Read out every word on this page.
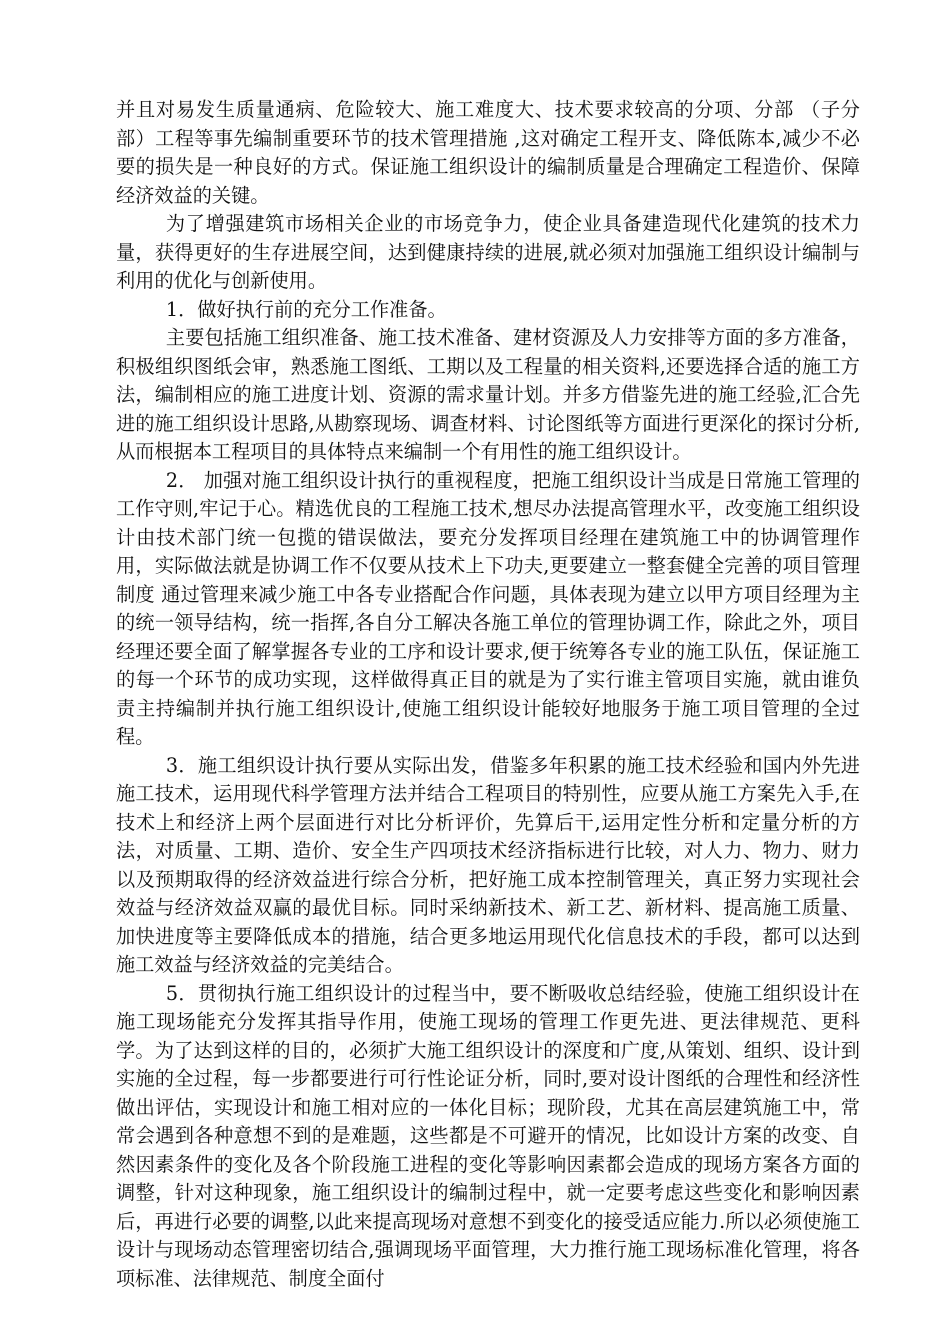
并且对易发生质量通病、危险较大、施工难度大、技术要求较高的分项、分部 （子分部）工程等事先编制重要环节的技术管理措施 ,这对确定工程开支、降低陈本,减少不必要的损失是一种良好的方式。保证施工组织设计的编制质量是合理确定工程造价、保障经济效益的关键。

为了增强建筑市场相关企业的市场竞争力，使企业具备建造现代化建筑的技术力量，获得更好的生存进展空间，达到健康持续的进展,就必须对加强施工组织设计编制与利用的优化与创新使用。

1．做好执行前的充分工作准备。

主要包括施工组织准备、施工技术准备、建材资源及人力安排等方面的多方准备，积极组织图纸会审，熟悉施工图纸、工期以及工程量的相关资料,还要选择合适的施工方法，编制相应的施工进度计划、资源的需求量计划。并多方借鉴先进的施工经验,汇合先进的施工组织设计思路,从勘察现场、调查材料、讨论图纸等方面进行更深化的探讨分析,从而根据本工程项目的具体特点来编制一个有用性的施工组织设计。

2． 加强对施工组织设计执行的重视程度，把施工组织设计当成是日常施工管理的工作守则,牢记于心。精选优良的工程施工技术,想尽办法提高管理水平，改变施工组织设计由技术部门统一包揽的错误做法，要充分发挥项目经理在建筑施工中的协调管理作用，实际做法就是协调工作不仅要从技术上下功夫,更要建立一整套健全完善的项目管理制度 通过管理来减少施工中各专业搭配合作问题，具体表现为建立以甲方项目经理为主的统一领导结构，统一指挥,各自分工解决各施工单位的管理协调工作，除此之外，项目经理还要全面了解掌握各专业的工序和设计要求,便于统筹各专业的施工队伍，保证施工的每一个环节的成功实现，这样做得真正目的就是为了实行谁主管项目实施，就由谁负责主持编制并执行施工组织设计,使施工组织设计能较好地服务于施工项目管理的全过程。

3．施工组织设计执行要从实际出发，借鉴多年积累的施工技术经验和国内外先进施工技术，运用现代科学管理方法并结合工程项目的特别性，应要从施工方案先入手,在技术上和经济上两个层面进行对比分析评价，先算后干,运用定性分析和定量分析的方法，对质量、工期、造价、安全生产四项技术经济指标进行比较，对人力、物力、财力以及预期取得的经济效益进行综合分析，把好施工成本控制管理关，真正努力实现社会效益与经济效益双赢的最优目标。同时采纳新技术、新工艺、新材料、提高施工质量、加快进度等主要降低成本的措施，结合更多地运用现代化信息技术的手段，都可以达到施工效益与经济效益的完美结合。

5．贯彻执行施工组织设计的过程当中，要不断吸收总结经验，使施工组织设计在施工现场能充分发挥其指导作用，使施工现场的管理工作更先进、更法律规范、更科学。为了达到这样的目的，必须扩大施工组织设计的深度和广度,从策划、组织、设计到实施的全过程，每一步都要进行可行性论证分析，同时,要对设计图纸的合理性和经济性做出评估，实现设计和施工相对应的一体化目标；现阶段，尤其在高层建筑施工中，常常会遇到各种意想不到的是难题，这些都是不可避开的情况，比如设计方案的改变、自然因素条件的变化及各个阶段施工进程的变化等影响因素都会造成的现场方案各方面的调整，针对这种现象，施工组织设计的编制过程中，就一定要考虑这些变化和影响因素后，再进行必要的调整,以此来提高现场对意想不到变化的接受适应能力.所以必须使施工设计与现场动态管理密切结合,强调现场平面管理，大力推行施工现场标准化管理，将各项标准、法律规范、制度全面付
